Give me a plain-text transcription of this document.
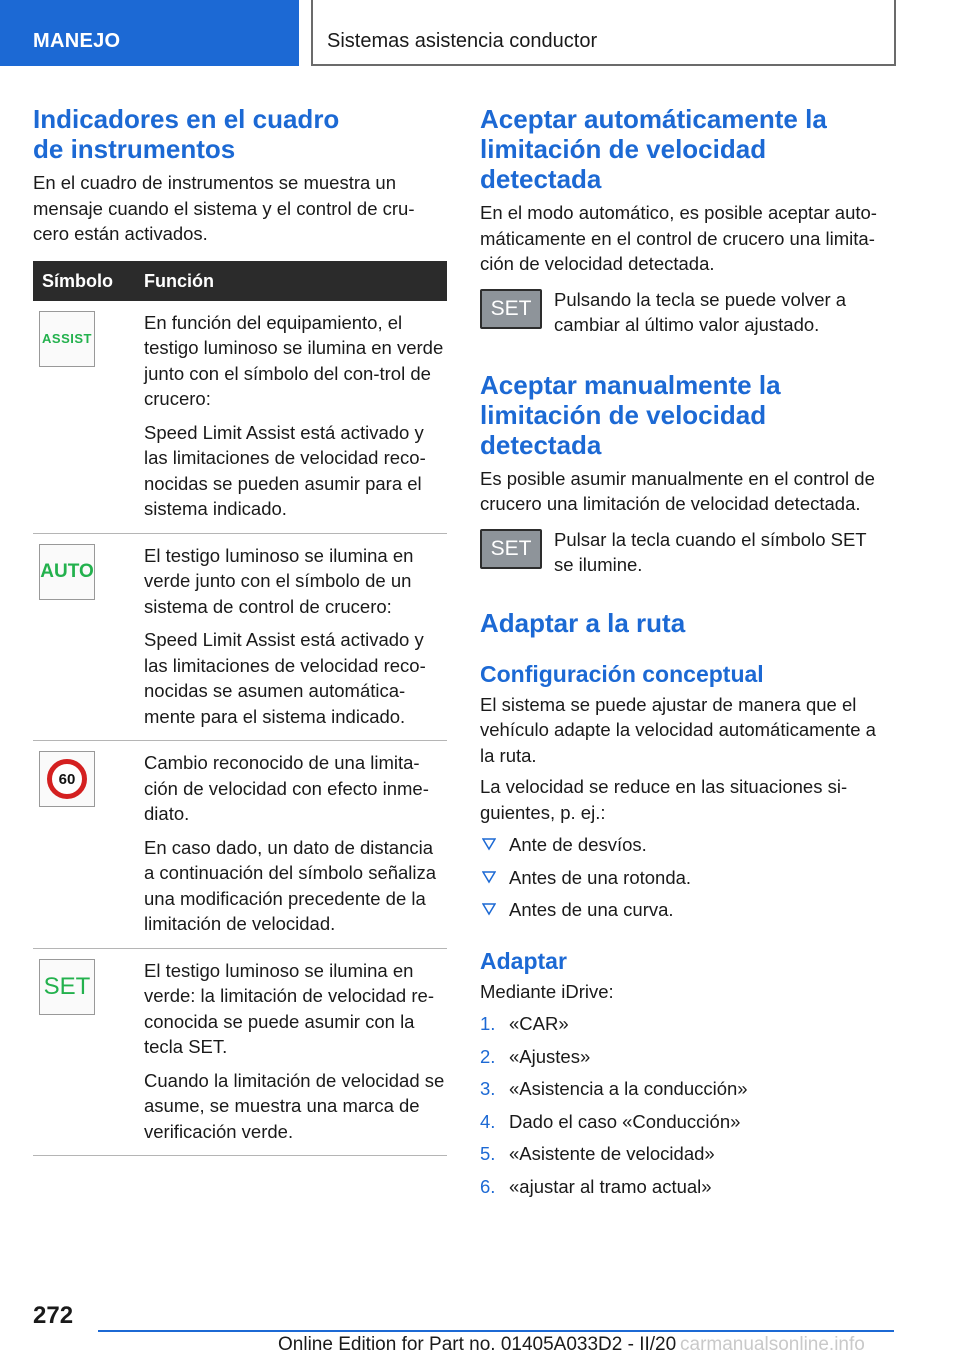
MANEJO	Sistemas asistencia conductor
Indicadores en el cuadro de instrumentos

En el cuadro de instrumentos se muestra un mensaje cuando el sistema y el control de cru-cero están activados.

Símbolo Función
ASSIST

En función del equipamiento, el testigo luminoso se ilumina en verde junto con el símbolo del con-trol de crucero:

Speed Limit Assist está activado y las limitaciones de velocidad reco-nocidas se pueden asumir para el sistema indicado.

AUTO

El testigo luminoso se ilumina en verde junto con el símbolo de un sistema de control de crucero:

Speed Limit Assist está activado y las limitaciones de velocidad reco-nocidas se asumen automática-mente para el sistema indicado.

60

Cambio reconocido de una limita-ción de velocidad con efecto inme-diato.

En caso dado, un dato de distancia a continuación del símbolo señaliza una modificación precedente de la limitación de velocidad.

SET

El testigo luminoso se ilumina en verde: la limitación de velocidad re-conocida se puede asumir con la tecla SET.

Cuando la limitación de velocidad se asume, se muestra una marca de verificación verde.

Aceptar automáticamente la limitación de velocidad detectada

En el modo automático, es posible aceptar auto-máticamente en el control de crucero una limita-ción de velocidad detectada.

SET Pulsando la tecla se puede volver a cambiar al último valor ajustado.

Aceptar manualmente la limitación de velocidad detectada

Es posible asumir manualmente en el control de crucero una limitación de velocidad detectada.

SET Pulsar la tecla cuando el símbolo SET se ilumine.

Adaptar a la ruta
Configuración conceptual

El sistema se puede ajustar de manera que el vehículo adapte la velocidad automáticamente a la ruta.

La velocidad se reduce en las situaciones si-guientes, p. ej.:

Ante de desvíos.

Antes de una rotonda.

Antes de una curva.

Adaptar

Mediante iDrive:

1. «CAR»

2. «Ajustes»

3. «Asistencia a la conducción»

4. Dado el caso «Conducción»

5. «Asistente de velocidad»

6. «ajustar al tramo actual»

272
Online Edition for Part no. 01405A033D2 - II/20 carmanualsonline.info
